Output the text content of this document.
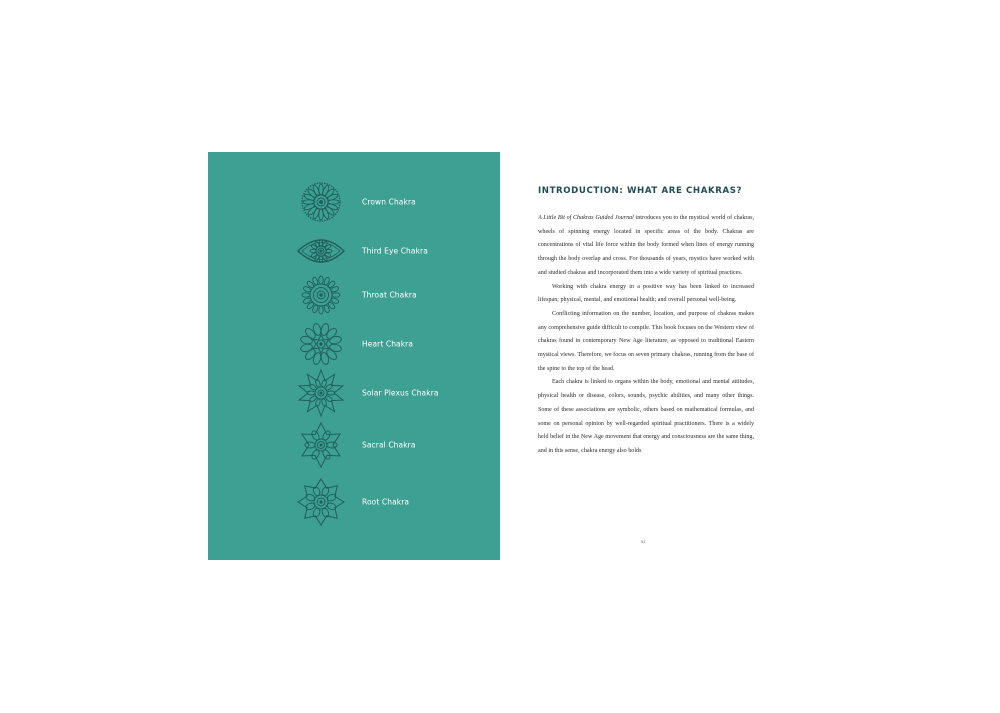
Crown Chakra
Third Eye Chakra
Throat Chakra
Heart Chakra
Solar Plexus Chakra
Sacral Chakra
Root Chakra
INTRODUCTION: WHAT ARE CHAKRAS?

A Little Bit of Chakras Guided Journal introduces you to the mystical world of chakras, wheels of spinning energy located in specific areas of the body. Chakras are concentrations of vital life force within the body formed when lines of energy running through the body overlap and cross. For thousands of years, mystics have worked with and studied chakras and incorporated them into a wide variety of spiritual practices.

Working with chakra energy in a positive way has been linked to increased lifespan; physical, mental, and emotional health; and overall personal well-being.

Conflicting information on the number, location, and purpose of chakras makes any comprehensive guide difficult to compile. This book focuses on the Western view of chakras found in contemporary New Age literature, as opposed to traditional Eastern mystical views. Therefore, we focus on seven primary chakras, running from the base of the spine to the top of the head.

Each chakra is linked to organs within the body, emotional and mental attitudes, physical health or disease, colors, sounds, psychic abilities, and many other things. Some of these associations are symbolic, others based on mathematical formulas, and some on personal opinion by well-regarded spiritual practitioners. There is a widely held belief in the New Age movement that energy and consciousness are the same thing, and in this sense, chakra energy also holds

xi
